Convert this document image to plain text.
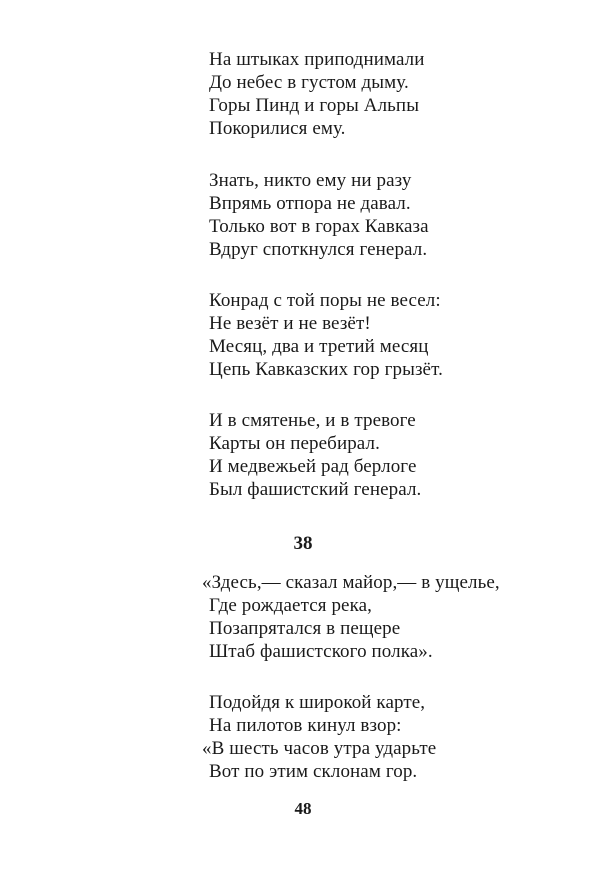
На штыках приподнимали
До небес в густом дыму.
Горы Пинд и горы Альпы
Покорилися ему.
Знать, никто ему ни разу
Впрямь отпора не давал.
Только вот в горах Кавказа
Вдруг споткнулся генерал.
Конрад с той поры не весел:
Не везёт и не везёт!
Месяц, два и третий месяц
Цепь Кавказских гор грызёт.
И в смятенье, и в тревоге
Карты он перебирал.
И медвежьей рад берлоге
Был фашистский генерал.
38
«Здесь,— сказал майор,— в ущелье,
Где рождается река,
Позапрятался в пещере
Штаб фашистского полка».
Подойдя к широкой карте,
На пилотов кинул взор:
«В шесть часов утра ударьте
Вот по этим склонам гор.
48
